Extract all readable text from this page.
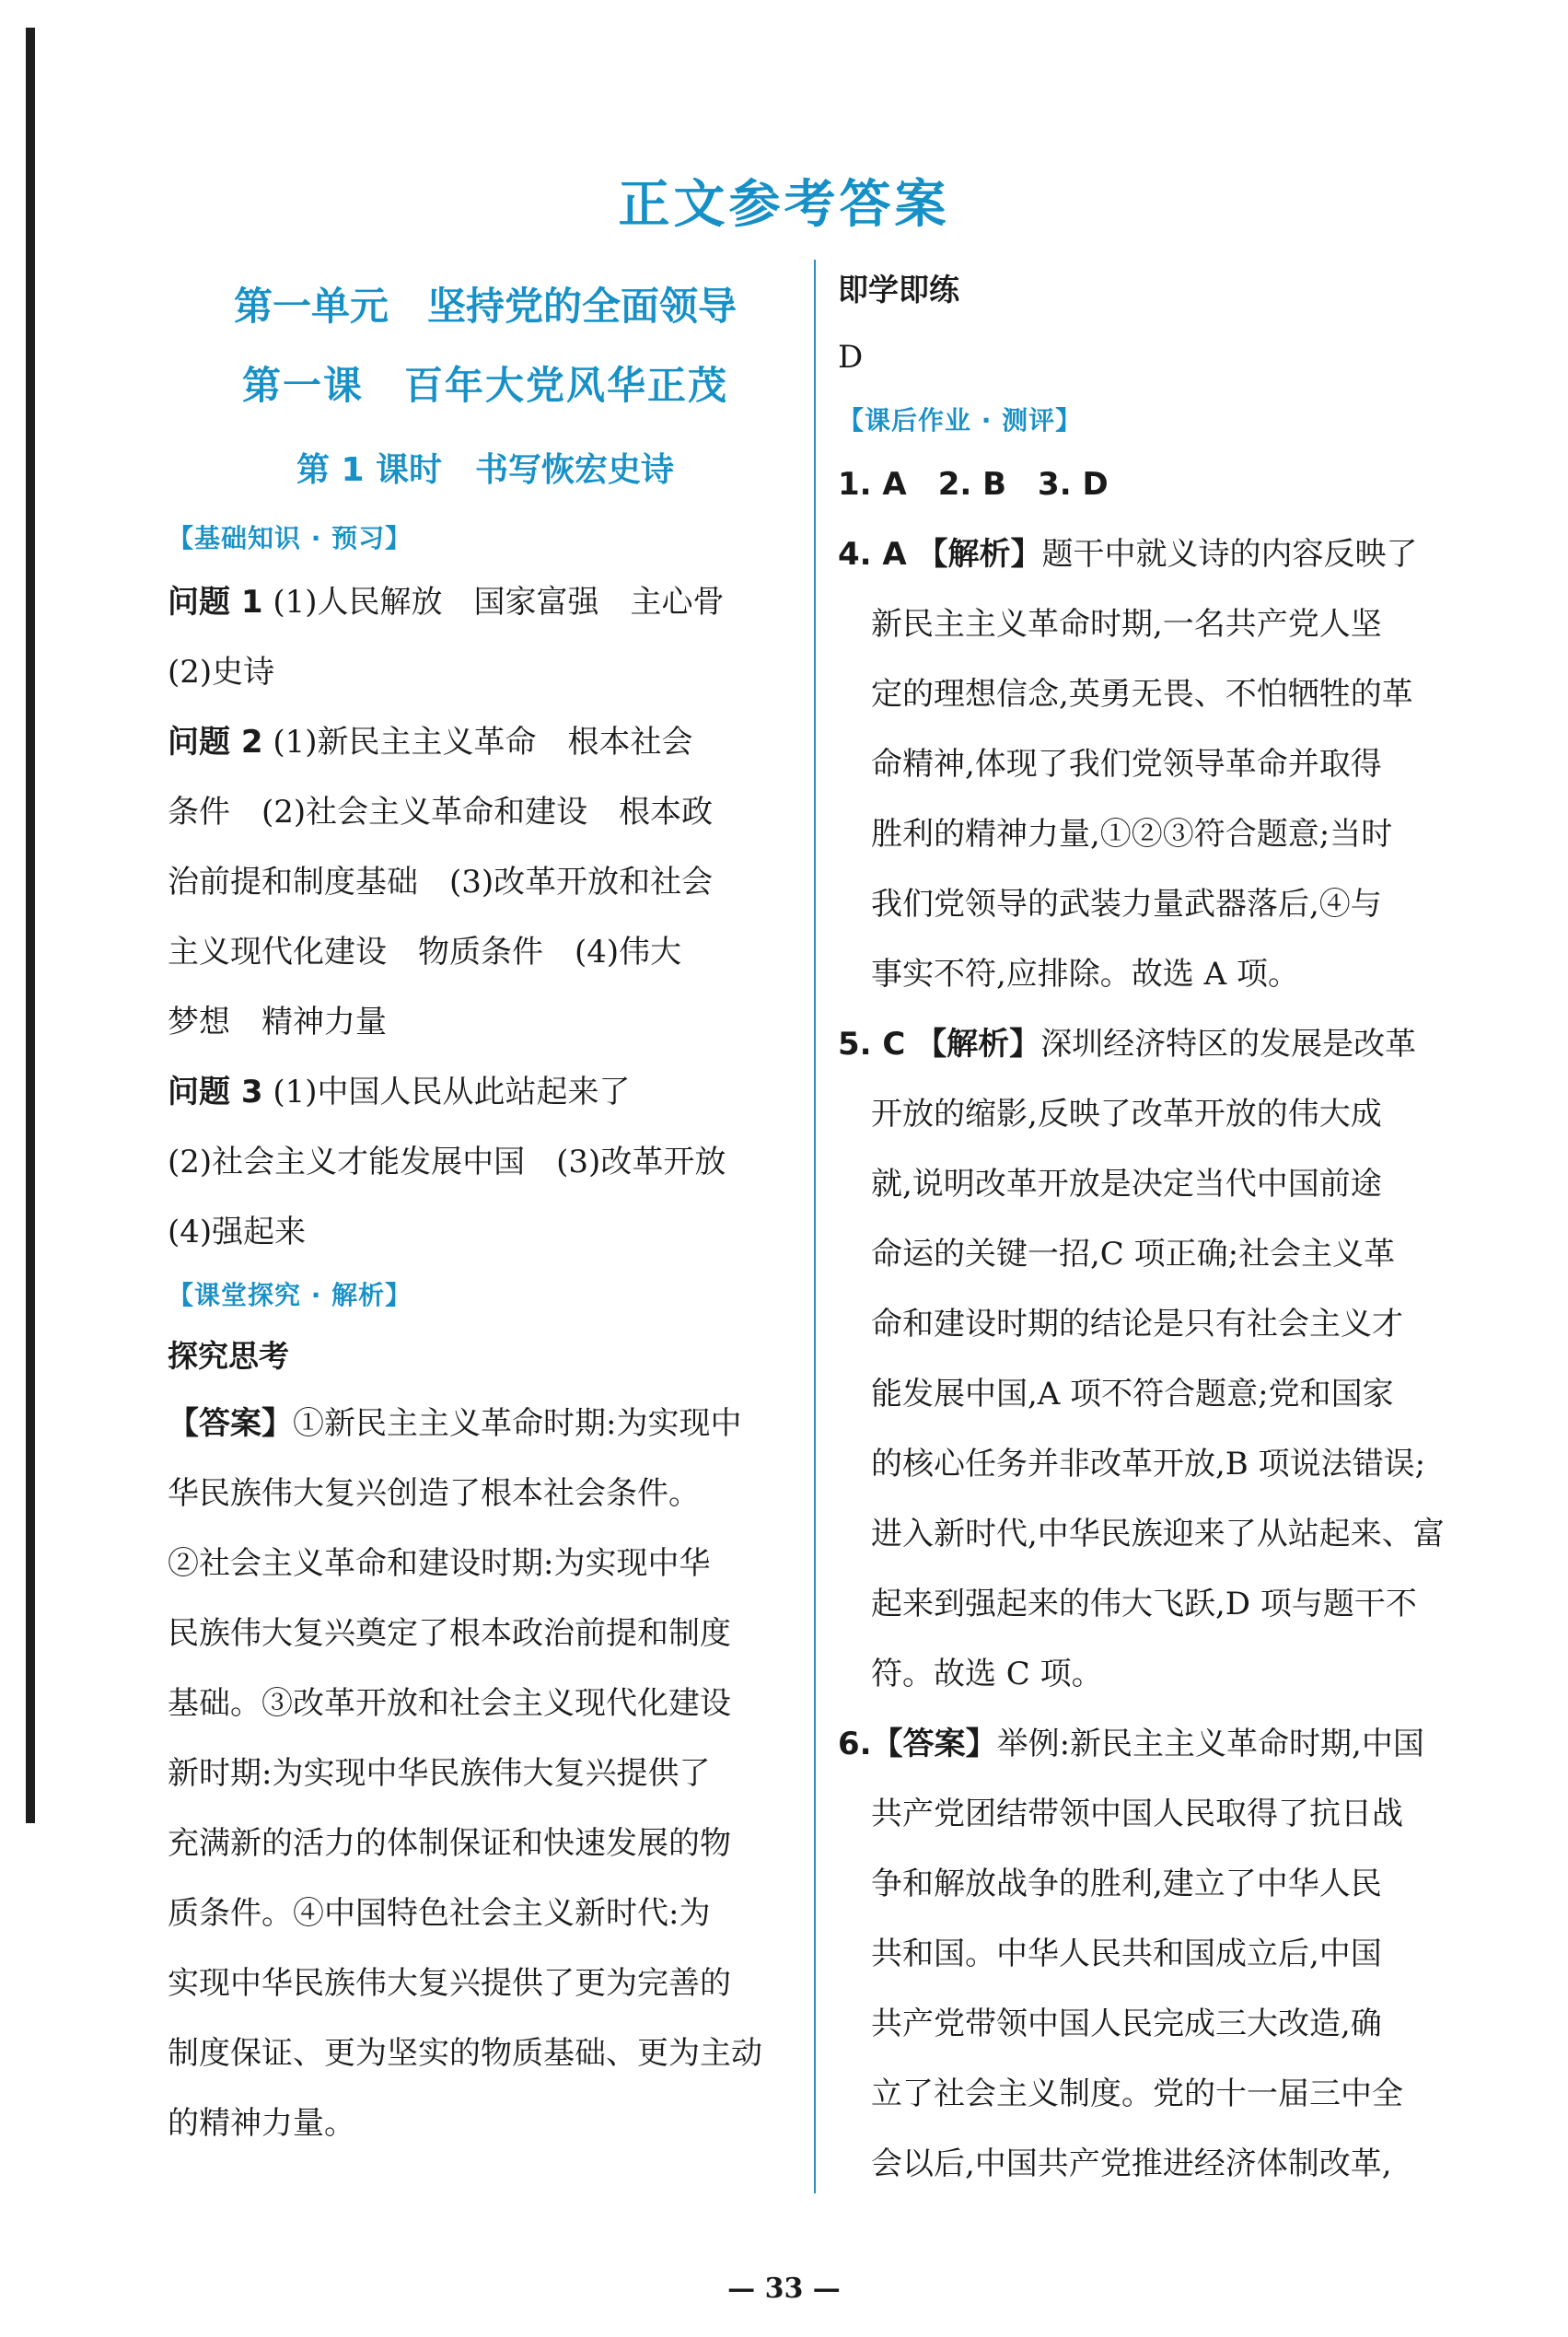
正文参考答案
第一单元　坚持党的全面领导
第一课　百年大党风华正茂
第 1 课时　书写恢宏史诗
【基础知识 · 预习】
问题 1 (1)人民解放　国家富强　主心骨
(2)史诗
问题 2 (1)新民主主义革命　根本社会
条件　(2)社会主义革命和建设　根本政
治前提和制度基础　(3)改革开放和社会
主义现代化建设　物质条件　(4)伟大
梦想　精神力量
问题 3 (1)中国人民从此站起来了
(2)社会主义才能发展中国　(3)改革开放
(4)强起来
【课堂探究 · 解析】
探究思考
【答案】①新民主主义革命时期:为实现中
华民族伟大复兴创造了根本社会条件。
②社会主义革命和建设时期:为实现中华
民族伟大复兴奠定了根本政治前提和制度
基础。③改革开放和社会主义现代化建设
新时期:为实现中华民族伟大复兴提供了
充满新的活力的体制保证和快速发展的物
质条件。④中国特色社会主义新时代:为
实现中华民族伟大复兴提供了更为完善的
制度保证、更为坚实的物质基础、更为主动
的精神力量。
即学即练
D
【课后作业 · 测评】
1. A　2. B　3. D
4. A 【解析】题干中就义诗的内容反映了
新民主主义革命时期,一名共产党人坚
定的理想信念,英勇无畏、不怕牺牲的革
命精神,体现了我们党领导革命并取得
胜利的精神力量,①②③符合题意;当时
我们党领导的武装力量武器落后,④与
事实不符,应排除。故选 A 项。
5. C 【解析】深圳经济特区的发展是改革
开放的缩影,反映了改革开放的伟大成
就,说明改革开放是决定当代中国前途
命运的关键一招,C 项正确;社会主义革
命和建设时期的结论是只有社会主义才
能发展中国,A 项不符合题意;党和国家
的核心任务并非改革开放,B 项说法错误;
进入新时代,中华民族迎来了从站起来、富
起来到强起来的伟大飞跃,D 项与题干不
符。故选 C 项。
6.【答案】举例:新民主主义革命时期,中国
共产党团结带领中国人民取得了抗日战
争和解放战争的胜利,建立了中华人民
共和国。中华人民共和国成立后,中国
共产党带领中国人民完成三大改造,确
立了社会主义制度。党的十一届三中全
会以后,中国共产党推进经济体制改革,
— 33 —
